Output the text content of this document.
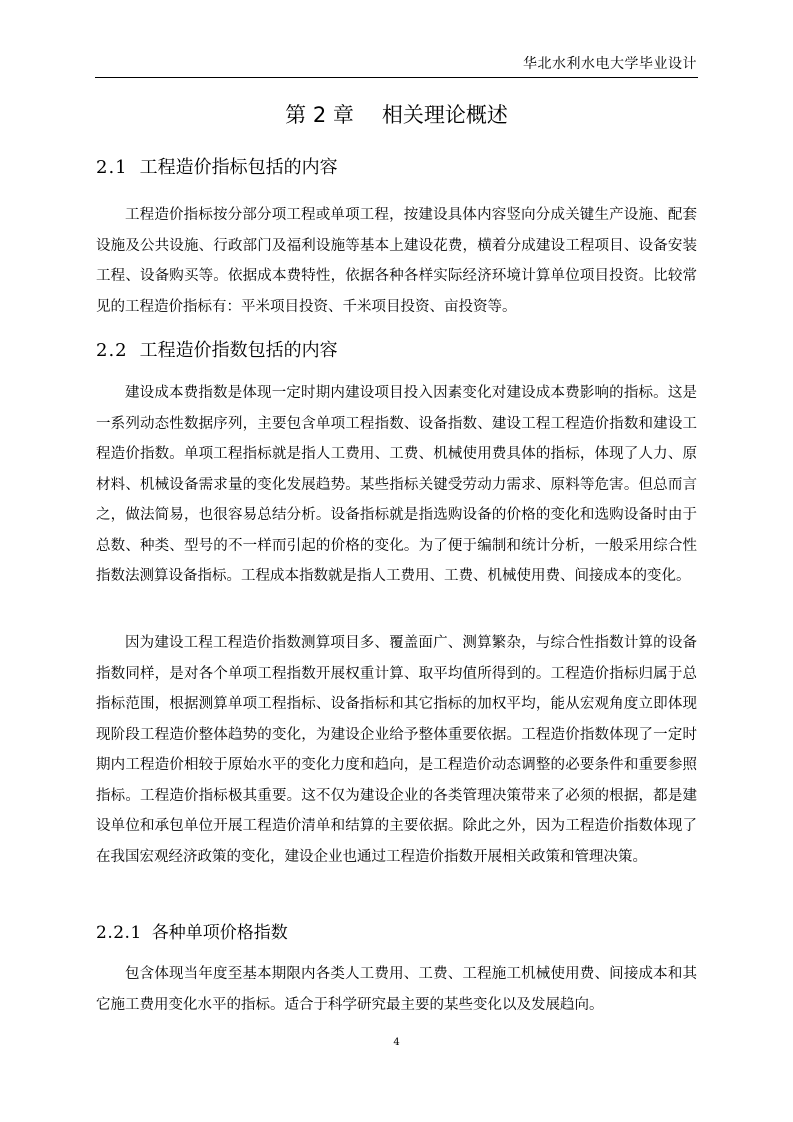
华北水利水电大学毕业设计
第 2 章 相关理论概述
2.1 工程造价指标包括的内容

工程造价指标按分部分项工程或单项工程，按建设具体内容竖向分成关键生产设施、配套设施及公共设施、行政部门及福利设施等基本上建设花费，横着分成建设工程项目、设备安装工程、设备购买等。依据成本费特性，依据各种各样实际经济环境计算单位项目投资。比较常见的工程造价指标有：平米项目投资、千米项目投资、亩投资等。

2.2 工程造价指数包括的内容

建设成本费指数是体现一定时期内建设项目投入因素变化对建设成本费影响的指标。这是一系列动态性数据序列，主要包含单项工程指数、设备指数、建设工程工程造价指数和建设工程造价指数。单项工程指标就是指人工费用、工费、机械使用费具体的指标，体现了人力、原材料、机械设备需求量的变化发展趋势。某些指标关键受劳动力需求、原料等危害。但总而言之，做法简易，也很容易总结分析。设备指标就是指选购设备的价格的变化和选购设备时由于总数、种类、型号的不一样而引起的价格的变化。为了便于编制和统计分析，一般采用综合性指数法测算设备指标。工程成本指数就是指人工费用、工费、机械使用费、间接成本的变化。

因为建设工程工程造价指数测算项目多、覆盖面广、测算繁杂，与综合性指数计算的设备指数同样，是对各个单项工程指数开展权重计算、取平均值所得到的。工程造价指标归属于总指标范围，根据测算单项工程指标、设备指标和其它指标的加权平均，能从宏观角度立即体现现阶段工程造价整体趋势的变化，为建设企业给予整体重要依据。工程造价指数体现了一定时期内工程造价相较于原始水平的变化力度和趋向，是工程造价动态调整的必要条件和重要参照指标。工程造价指标极其重要。这不仅为建设企业的各类管理决策带来了必须的根据，都是建设单位和承包单位开展工程造价清单和结算的主要依据。除此之外，因为工程造价指数体现了在我国宏观经济政策的变化，建设企业也通过工程造价指数开展相关政策和管理决策。

2.2.1 各种单项价格指数

包含体现当年度至基本期限内各类人工费用、工费、工程施工机械使用费、间接成本和其它施工费用变化水平的指标。适合于科学研究最主要的某些变化以及发展趋向。

4
